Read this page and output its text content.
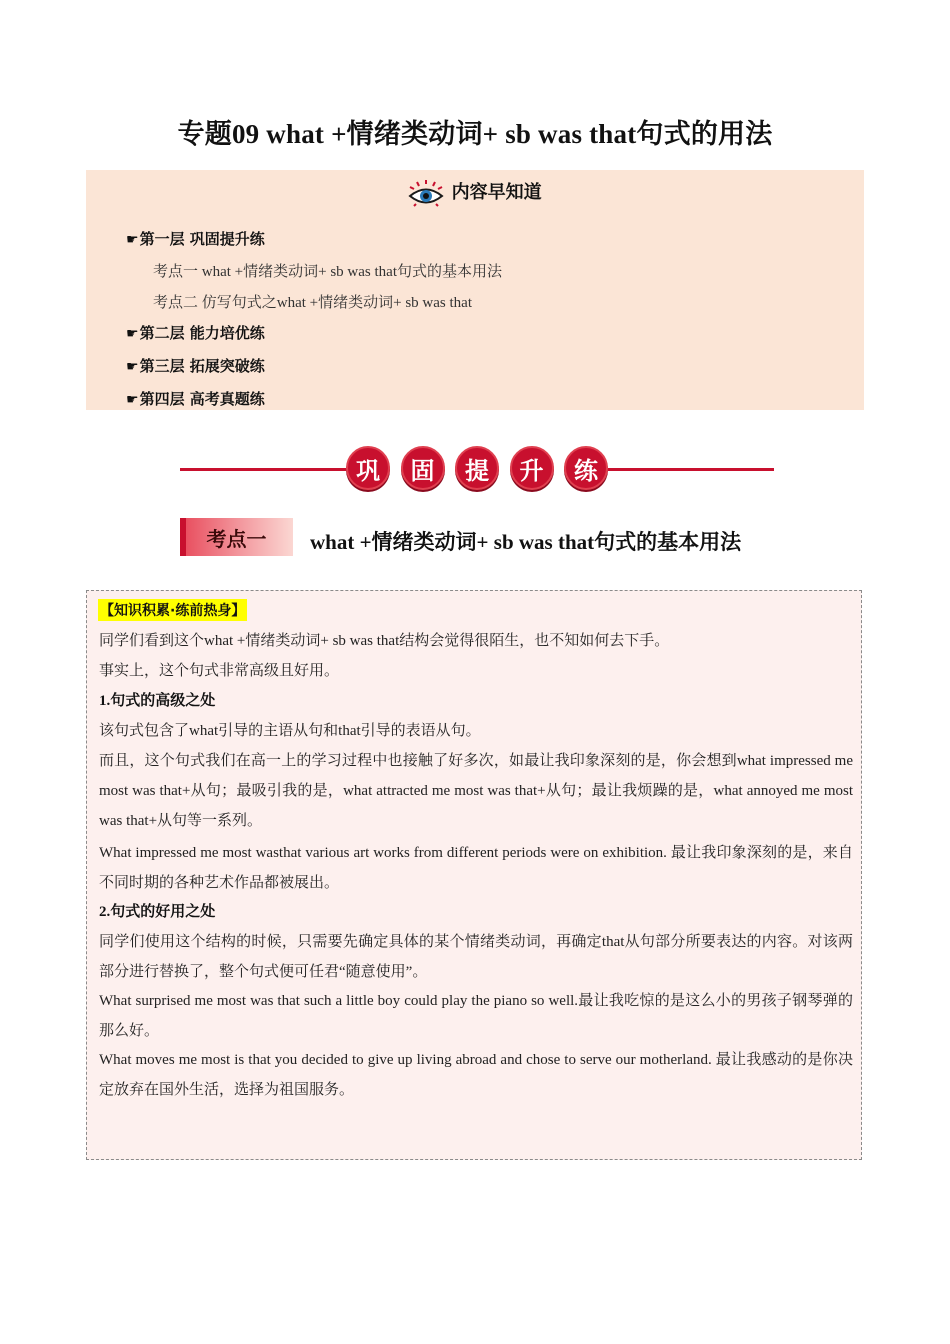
专题09 what +情绪类动词+ sb was that句式的用法
内容早知道
☛第一层 巩固提升练
考点一 what +情绪类动词+ sb was that句式的基本用法
考点二 仿写句式之what +情绪类动词+ sb was that
☛第二层 能力培优练
☛第三层 拓展突破练
☛第四层 高考真题练
巩	固	提	升	练
考点一	what +情绪类动词+ sb was that句式的基本用法
【知识积累·练前热身】
同学们看到这个what +情绪类动词+ sb was that结构会觉得很陌生，也不知如何去下手。
事实上，这个句式非常高级且好用。
1.句式的高级之处
该句式包含了what引导的主语从句和that引导的表语从句。
而且，这个句式我们在高一上的学习过程中也接触了好多次，如最让我印象深刻的是，你会想到what impressed me most was that+从句；最吸引我的是，what attracted me most was that+从句；最让我烦躁的是，what annoyed me most was that+从句等一系列。
What impressed me most wasthat various art works from different periods were on exhibition. 最让我印象深刻的是，来自不同时期的各种艺术作品都被展出。
2.句式的好用之处
同学们使用这个结构的时候，只需要先确定具体的某个情绪类动词，再确定that从句部分所要表达的内容。对该两部分进行替换了，整个句式便可任君“随意使用”。
What surprised me most was that such a little boy could play the piano so well.最让我吃惊的是这么小的男孩子钢琴弹的那么好。
What moves me most is that you decided to give up living abroad and chose to serve our motherland. 最让我感动的是你决定放弃在国外生活，选择为祖国服务。
